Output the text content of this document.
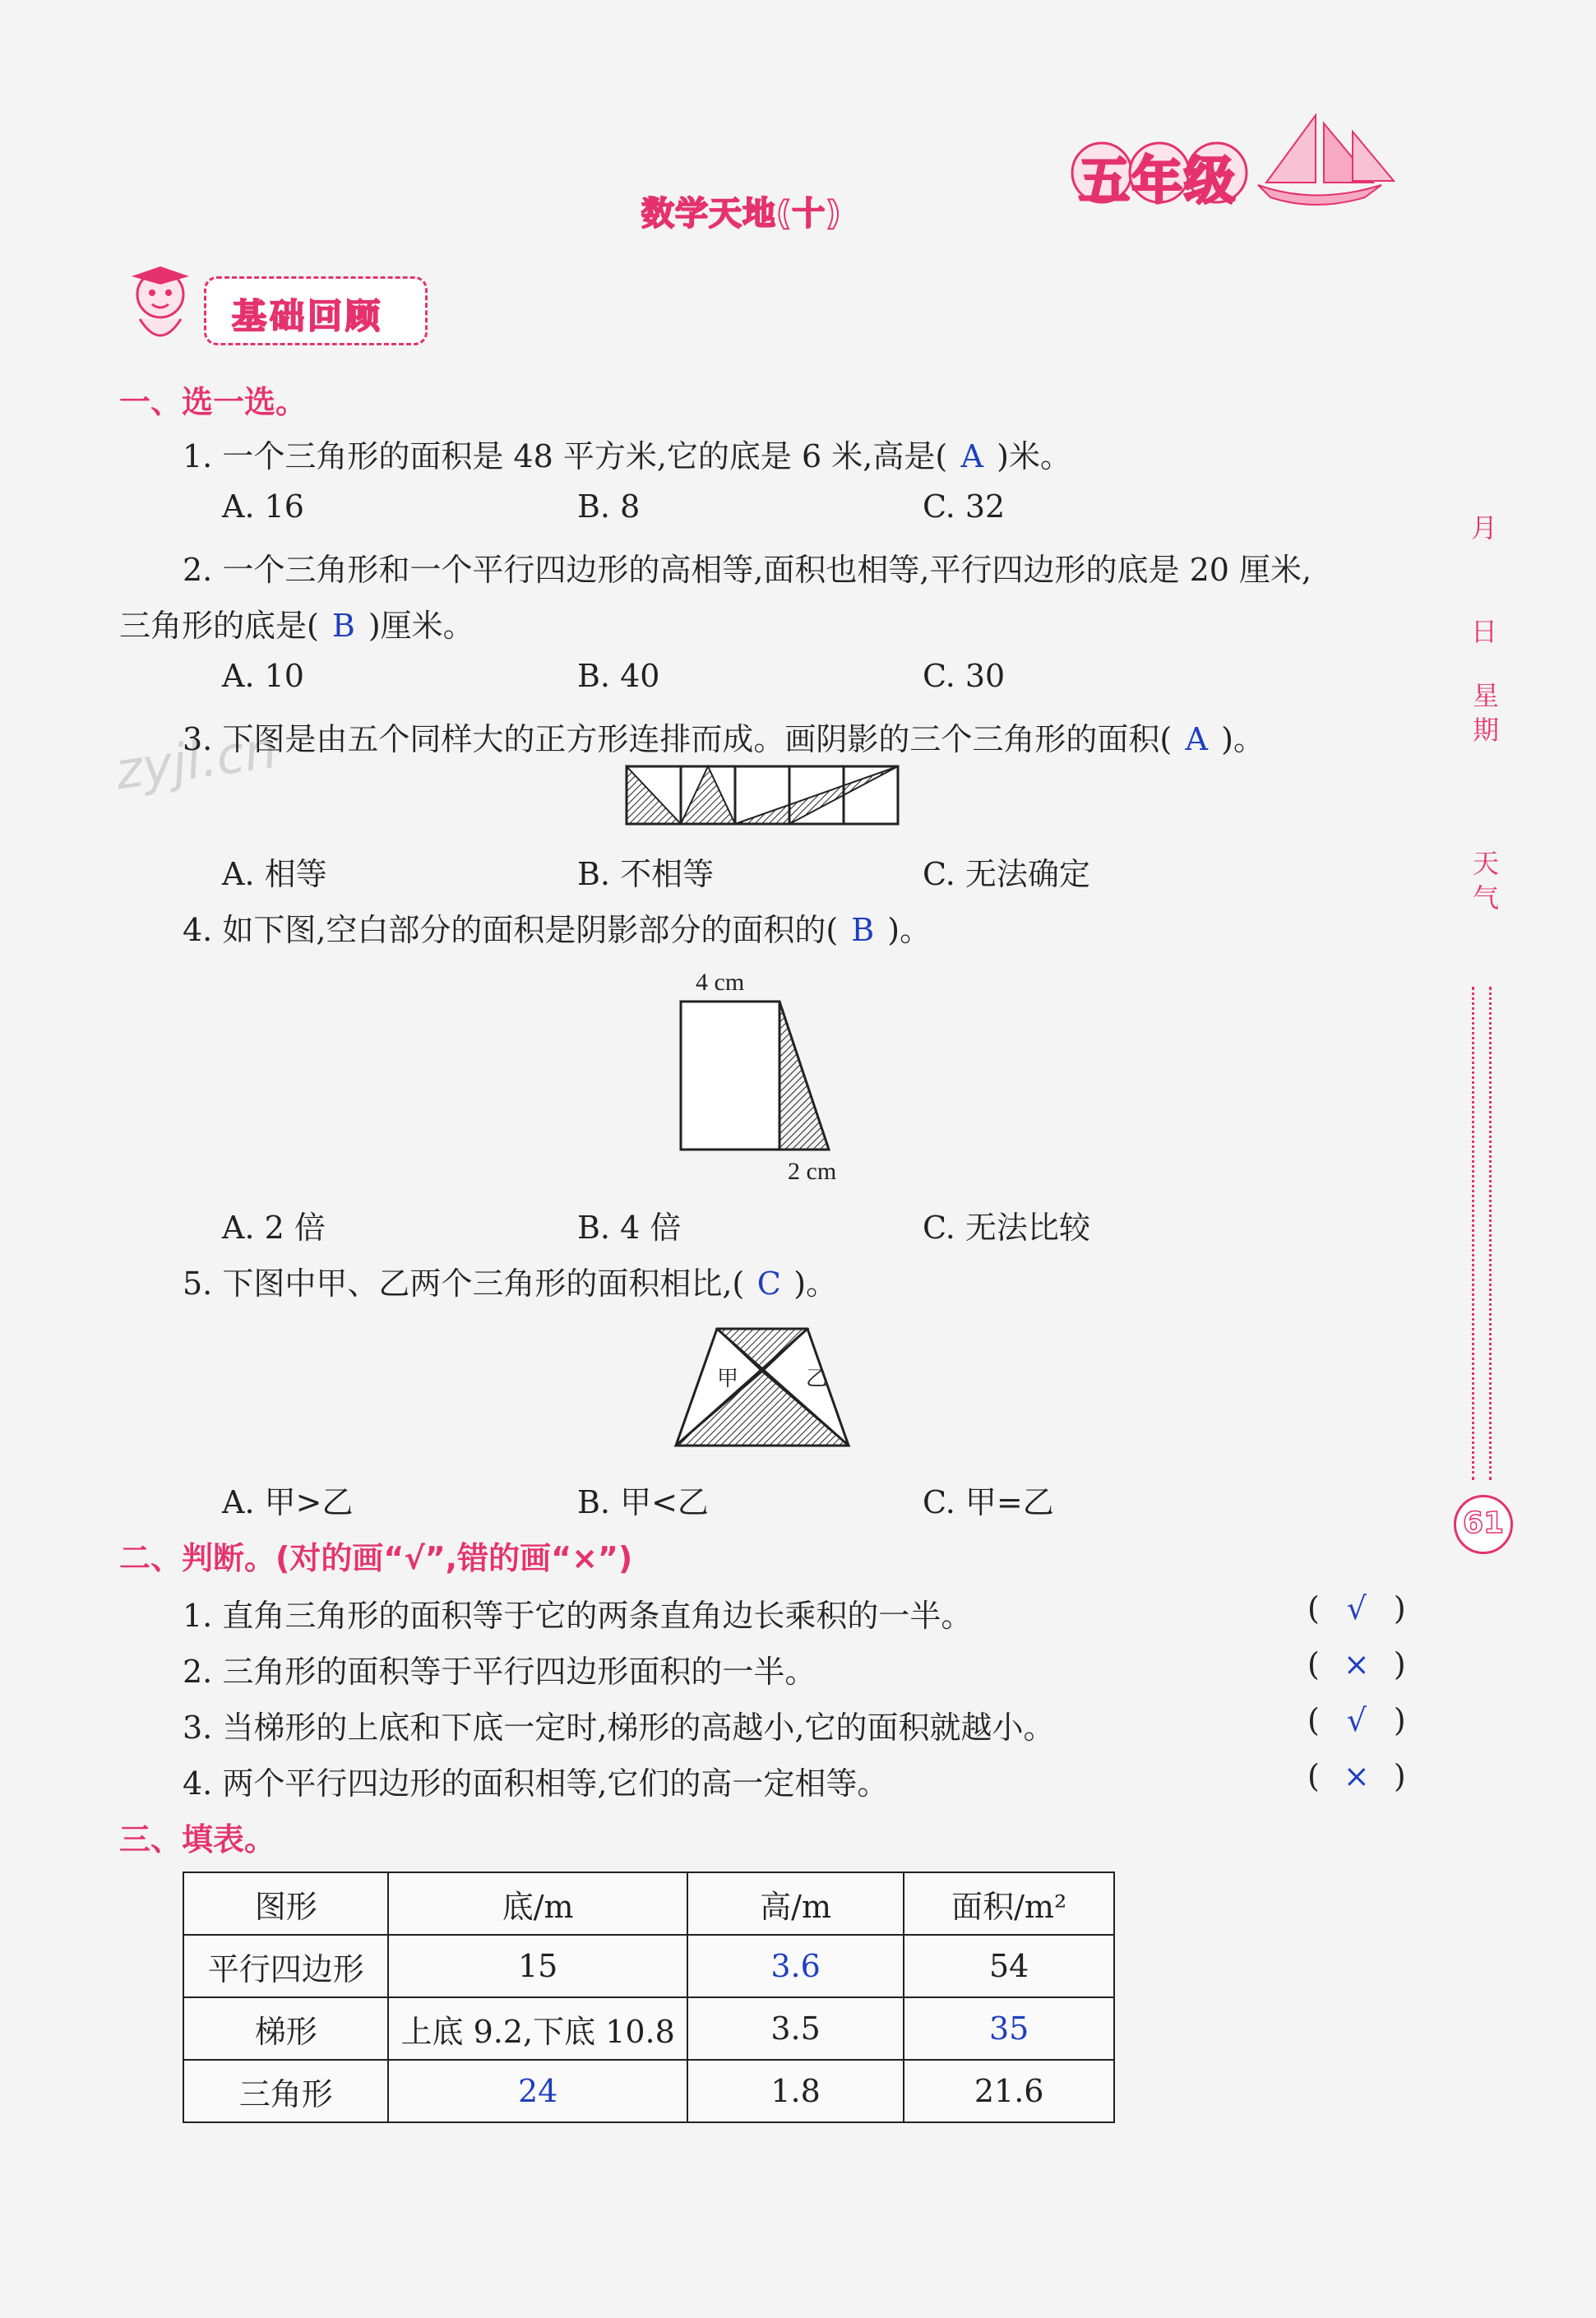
数学天地(十)
五年级
基础回顾
zyjl.cn
月
日
星期
天气
61
一、选一选。
1. 一个三角形的面积是 48 平方米,它的底是 6 米,高是( A )米。
A. 16	B. 8	C. 32
2. 一个三角形和一个平行四边形的高相等,面积也相等,平行四边形的底是 20 厘米,
三角形的底是( B )厘米。
A. 10	B. 40	C. 30
3. 下图是由五个同样大的正方形连排而成。画阴影的三个三角形的面积( A )。
A. 相等	B. 不相等	C. 无法确定
4. 如下图,空白部分的面积是阴影部分的面积的( B )。
4 cm
2 cm
A. 2 倍	B. 4 倍	C. 无法比较
5. 下图中甲、乙两个三角形的面积相比,( C )。
甲	乙
A. 甲>乙	B. 甲<乙	C. 甲=乙
二、判断。(对的画“√”,错的画“×”)
1. 直角三角形的面积等于它的两条直角边长乘积的一半。	( √ )
2. 三角形的面积等于平行四边形面积的一半。	( × )
3. 当梯形的上底和下底一定时,梯形的高越小,它的面积就越小。	( √ )
4. 两个平行四边形的面积相等,它们的高一定相等。	( × )
三、填表。
图形	底/m	高/m	面积/m²
平行四边形	15	3.6	54
梯形	上底 9.2,下底 10.8	3.5	35
三角形	24	1.8	21.6
